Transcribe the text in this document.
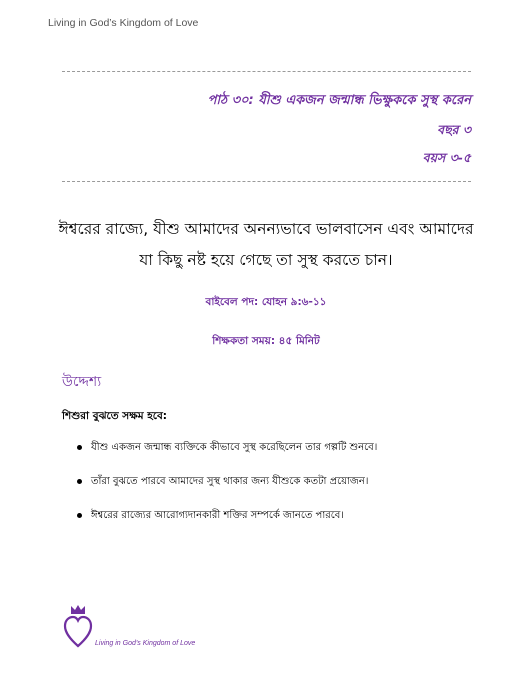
Living in God’s Kingdom of Love
পাঠ ৩০: যীশু একজন জন্মান্ধ ভিক্ষুককে সুস্থ করেন
বছর ৩
বয়স ৩-৫
ঈশ্বরের রাজ্যে, যীশু আমাদের অনন্যভাবে ভালবাসেন এবং আমাদের
যা কিছু নষ্ট হয়ে গেছে তা সুস্থ করতে চান।
বাইবেল পদ: যোহন ৯:৬-১১
শিক্ষকতা সময়: ৪৫ মিনিট
উদ্দেশ্য
শিশুরা বুঝতে সক্ষম হবে:
যীশু একজন জন্মান্ধ ব্যক্তিকে কীভাবে সুস্থ করেছিলেন তার গল্পটি শুনবে।
তাঁরা বুঝতে পারবে আমাদের সুস্থ থাকার জন্য যীশুকে কতটা প্রয়োজন।
ঈশ্বরের রাজ্যের আরোগ্যদানকারী শক্তির সম্পর্কে জানতে পারবে।
Living in God’s Kingdom of Love
